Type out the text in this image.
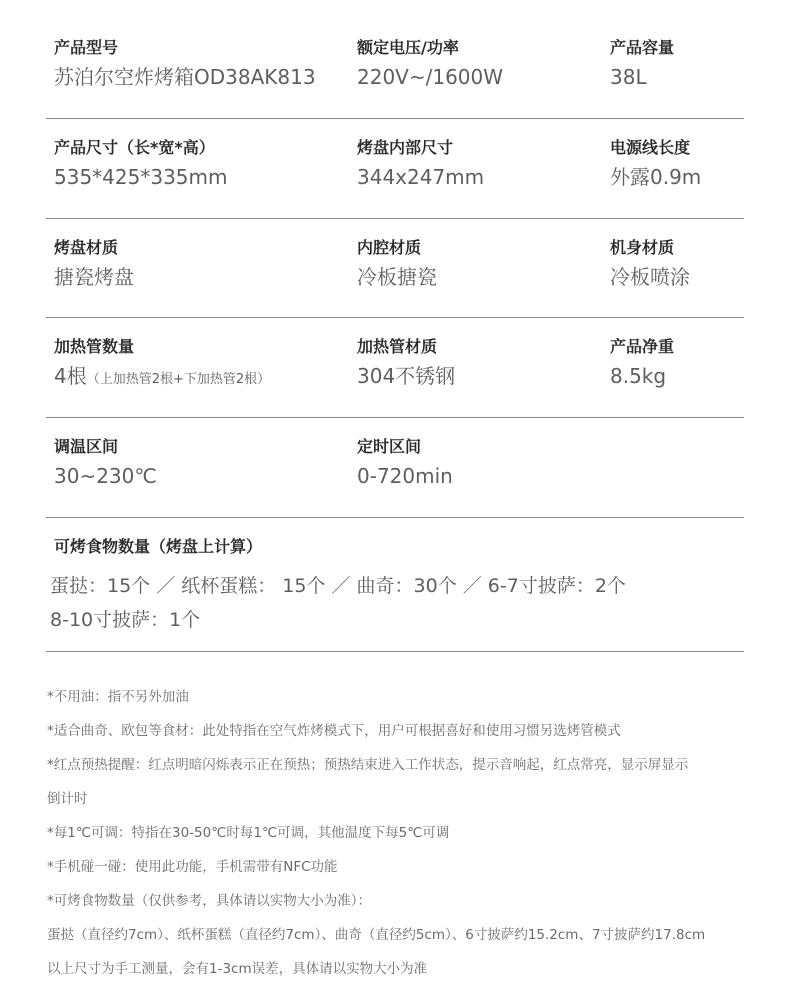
产品型号
苏泊尔空炸烤箱OD38AK813
额定电压/功率
220V~/1600W
产品容量
38L
产品尺寸（长*宽*高）
535*425*335mm
烤盘内部尺寸
344x247mm
电源线长度
外露0.9m
烤盘材质
搪瓷烤盘
内腔材质
冷板搪瓷
机身材质
冷板喷涂
加热管数量
4根（上加热管2根+下加热管2根）
加热管材质
304不锈钢
产品净重
8.5kg
调温区间
30~230℃
定时区间
0-720min
可烤食物数量（烤盘上计算）
蛋挞：15个 ／ 纸杯蛋糕： 15个 ／ 曲奇：30个 ／ 6-7寸披萨：2个
8-10寸披萨：1个
*不用油：指不另外加油
*适合曲奇、欧包等食材：此处特指在空气炸烤模式下，用户可根据喜好和使用习惯另选烤管模式
*红点预热提醒：红点明暗闪烁表示正在预热；预热结束进入工作状态，提示音响起，红点常亮，显示屏显示
倒计时
*每1℃可调：特指在30-50℃时每1℃可调，其他温度下每5℃可调
*手机碰一碰：使用此功能，手机需带有NFC功能
*可烤食物数量（仅供参考，具体请以实物大小为准）：
蛋挞（直径约7cm）、纸杯蛋糕（直径约7cm）、曲奇（直径约5cm）、6寸披萨约15.2cm、7寸披萨约17.8cm
以上尺寸为手工测量，会有1-3cm误差，具体请以实物大小为准
